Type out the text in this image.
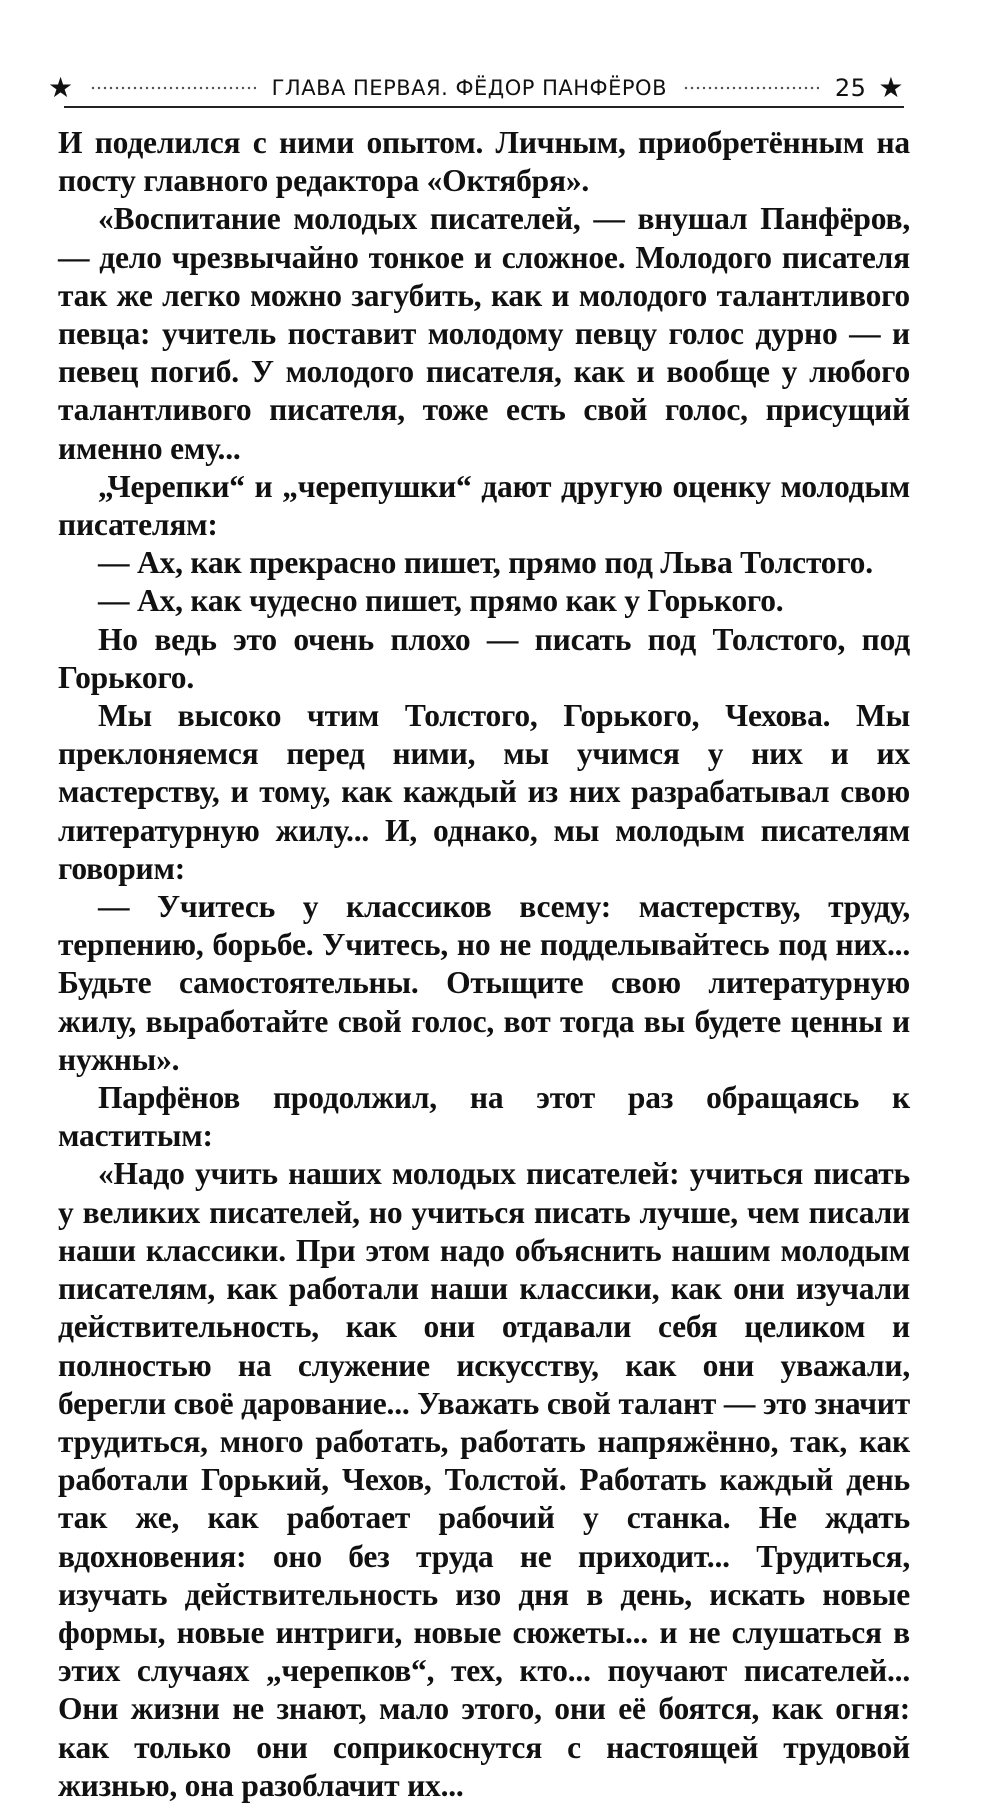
★	ГЛАВА ПЕРВАЯ. ФЁДОР ПАНФЁРОВ	25 ★

И поделился с ними опытом. Личным, приобретённым на посту главного редактора «Октября».

«Воспитание молодых писателей, — внушал Панфёров, — дело чрезвычайно тонкое и сложное. Молодого писателя так же легко можно загубить, как и молодого талантливого певца: учитель поставит молодому певцу голос дурно — и певец погиб. У молодого писателя, как и вообще у любого талантливого писателя, тоже есть свой голос, присущий именно ему...

„Черепки“ и „черепушки“ дают другую оценку молодым писателям:

— Ах, как прекрасно пишет, прямо под Льва Толстого.

— Ах, как чудесно пишет, прямо как у Горького.

Но ведь это очень плохо — писать под Толстого, под Горького.

Мы высоко чтим Толстого, Горького, Чехова. Мы преклоняемся перед ними, мы учимся у них и их мастерству, и тому, как каждый из них разрабатывал свою литературную жилу... И, однако, мы молодым писателям говорим:

— Учитесь у классиков всему: мастерству, труду, терпению, борьбе. Учитесь, но не подделывайтесь под них... Будьте самостоятельны. Отыщите свою литературную жилу, выработайте свой голос, вот тогда вы будете ценны и нужны».

Парфёнов продолжил, на этот раз обращаясь к маститым:

«Надо учить наших молодых писателей: учиться писать у великих писателей, но учиться писать лучше, чем писали наши классики. При этом надо объяснить нашим молодым писателям, как работали наши классики, как они изучали действительность, как они отдавали себя целиком и полностью на служение искусству, как они уважали, берегли своё дарование... Уважать свой талант — это значит трудиться, много работать, работать напряжённо, так, как работали Горький, Чехов, Толстой. Работать каждый день так же, как работает рабочий у станка. Не ждать вдохновения: оно без труда не приходит... Трудиться, изучать действительность изо дня в день, искать новые формы, новые интриги, новые сюжеты... и не слушаться в этих случаях „черепков“, тех, кто... поучают писателей... Они жизни не знают, мало этого, они её боятся, как огня: как только они соприкоснутся с настоящей трудовой жизнью, она разоблачит их...
